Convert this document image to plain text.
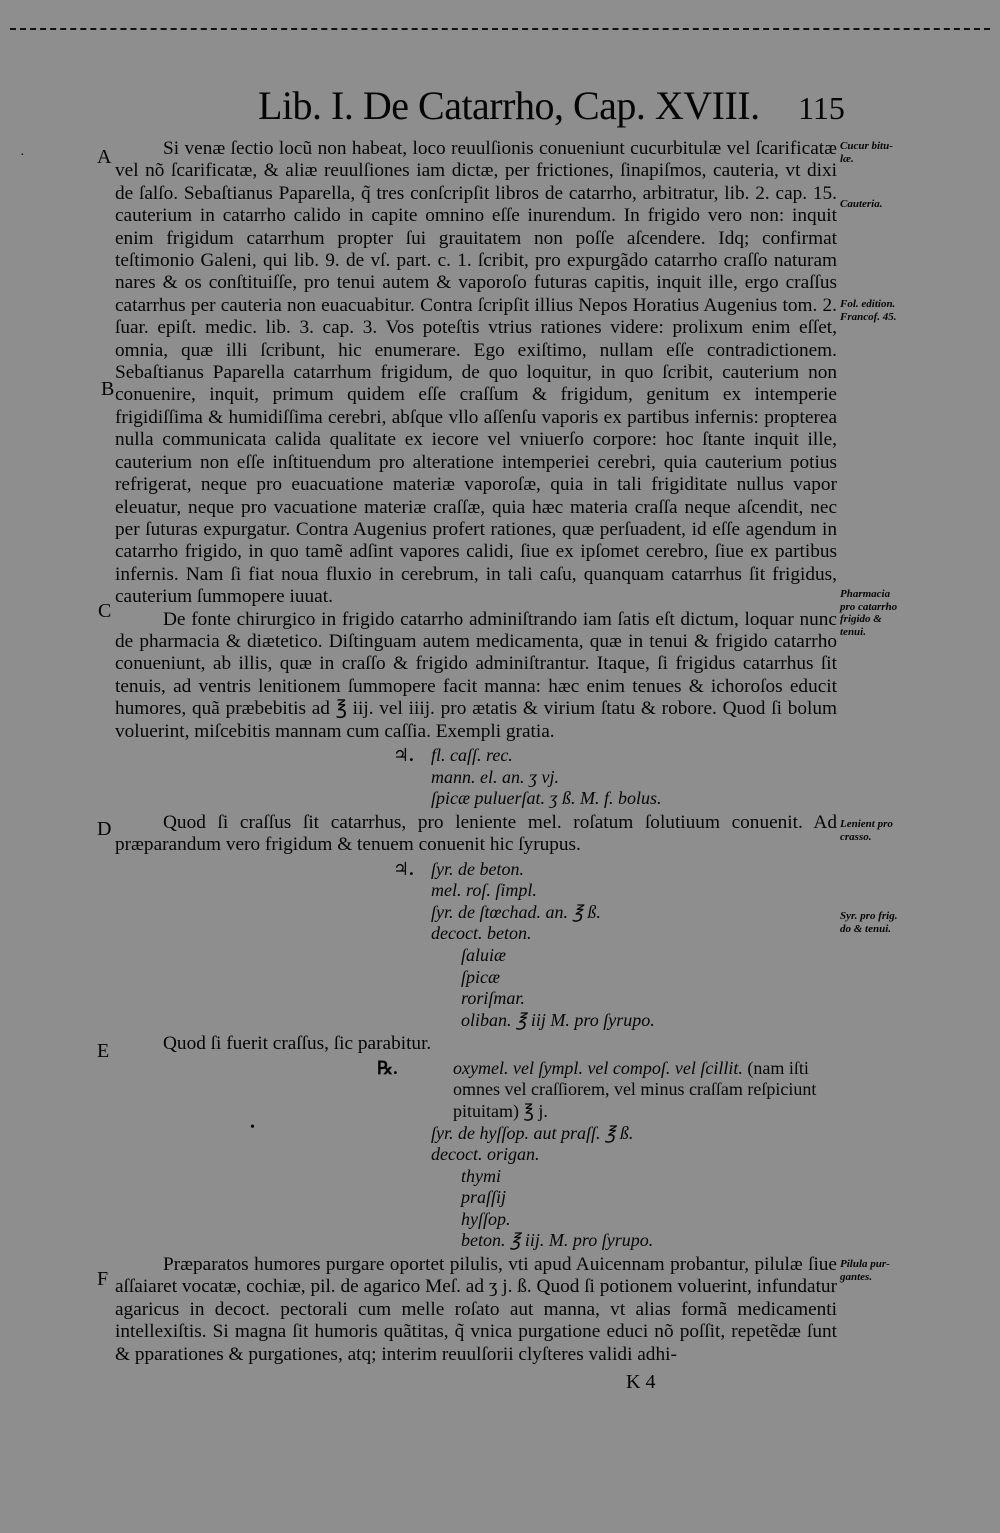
Lib. I. De Catarrho, Cap. XVIII. 115
A
B
C
D
E
F
Cucur bitu-læ.
Cauteria.
Fol. edition. Francof. 45.
Pharmacia pro catarrho frigido & tenui.
Lenient pro crasso.
Syr. pro frig. do & tenui.
Pilula pur-gantes.
·
•

Si venæ ſectio locũ non habeat, loco reuulſionis conueniunt cucurbitulæ vel ſcarificatæ vel nõ ſcarificatæ, & aliæ reuulſiones iam dictæ, per frictiones, ſinapiſmos, cauteria, vt dixi de ſalſo. Sebaſtianus Paparella, q̃ tres conſcripſit libros de catarrho, arbitratur, lib. 2. cap. 15. cauterium in catarrho calido in capite omnino eſſe inurendum. In frigido vero non: inquit enim frigidum catarrhum propter ſui grauitatem non poſſe aſcendere. Idq; confirmat teſtimonio Galeni, qui lib. 9. de vſ. part. c. 1. ſcribit, pro expurgãdo catarrho craſſo naturam nares & os conſtituiſſe, pro tenui autem & vaporoſo futuras capitis, inquit ille, ergo craſſus catarrhus per cauteria non euacuabitur. Contra ſcripſit illius Nepos Horatius Augenius tom. 2. ſuar. epiſt. medic. lib. 3. cap. 3. Vos poteſtis vtrius rationes videre: prolixum enim eſſet, omnia, quæ illi ſcribunt, hic enumerare. Ego exiſtimo, nullam eſſe contradictionem. Sebaſtianus Paparella catarrhum frigidum, de quo loquitur, in quo ſcribit, cauterium non conuenire, inquit, primum quidem eſſe craſſum & frigidum, genitum ex intemperie frigidiſſima & humidiſſima cerebri, abſque vllo aſſenſu vaporis ex partibus infernis: propterea nulla communicata calida qualitate ex iecore vel vniuerſo corpore: hoc ſtante inquit ille, cauterium non eſſe inſtituendum pro alteratione intemperiei cerebri, quia cauterium potius refrigerat, neque pro euacuatione materiæ vaporoſæ, quia in tali frigiditate nullus vapor eleuatur, neque pro vacuatione materiæ craſſæ, quia hæc materia craſſa neque aſcendit, nec per ſuturas expurgatur. Contra Augenius profert rationes, quæ perſuadent, id eſſe agendum in catarrho frigido, in quo tamẽ adſint vapores calidi, ſiue ex ipſomet cerebro, ſiue ex partibus infernis. Nam ſi fiat noua fluxio in cerebrum, in tali caſu, quanquam catarrhus ſit frigidus, cauterium ſummopere iuuat.

De fonte chirurgico in frigido catarrho adminiſtrando iam ſatis eſt dictum, loquar nunc de pharmacia & diætetico. Diſtinguam autem medicamenta, quæ in tenui & frigido catarrho conueniunt, ab illis, quæ in craſſo & frigido adminiſtrantur. Itaque, ſi frigidus catarrhus ſit tenuis, ad ventris lenitionem ſummopere facit manna: hæc enim tenues & ichoroſos educit humores, quã præbebitis ad ℥ iij. vel iiij. pro ætatis & virium ſtatu & robore. Quod ſi bolum voluerint, miſcebitis mannam cum caſſia. Exempli gratia.

♃. fl. caſſ. rec.
mann. el. an. ʒ vj.
ſpicæ puluerſat. ʒ ß. M. f. bolus.

Quod ſi craſſus ſit catarrhus, pro leniente mel. roſatum ſolutiuum conuenit. Ad præparandum vero frigidum & tenuem conuenit hic ſyrupus.

♃. ſyr. de beton.
mel. roſ. ſimpl.
ſyr. de ſtœchad. an. ℥ ß.
decoct. beton.
ſaluiæ
ſpicæ
roriſmar.
oliban. ℥ iij M. pro ſyrupo.

Quod ſi fuerit craſſus, ſic parabitur.

℞.	oxymel. vel ſympl. vel compoſ. vel ſcillit. (nam iſti omnes vel craſſiorem, vel minus craſſam reſpiciunt pituitam) ℥ j.
ſyr. de hyſſop. aut praſſ. ℥ ß.
decoct. origan.
thymi
praſſij
hyſſop.
beton. ℥ iij. M. pro ſyrupo.

Præparatos humores purgare oportet pilulis, vti apud Auicennam probantur, pilulæ ſiue aſſaiaret vocatæ, cochiæ, pil. de agarico Meſ. ad ʒ j. ß. Quod ſi potionem voluerint, infundatur agaricus in decoct. pectorali cum melle roſato aut manna, vt alias formã medicamenti intellexiſtis. Si magna ſit humoris quãtitas, q̃ vnica purgatione educi nõ poſſit, repetẽdæ ſunt & pparationes & purgationes, atq; interim reuulſorii clyſteres validi adhi-

K 4
